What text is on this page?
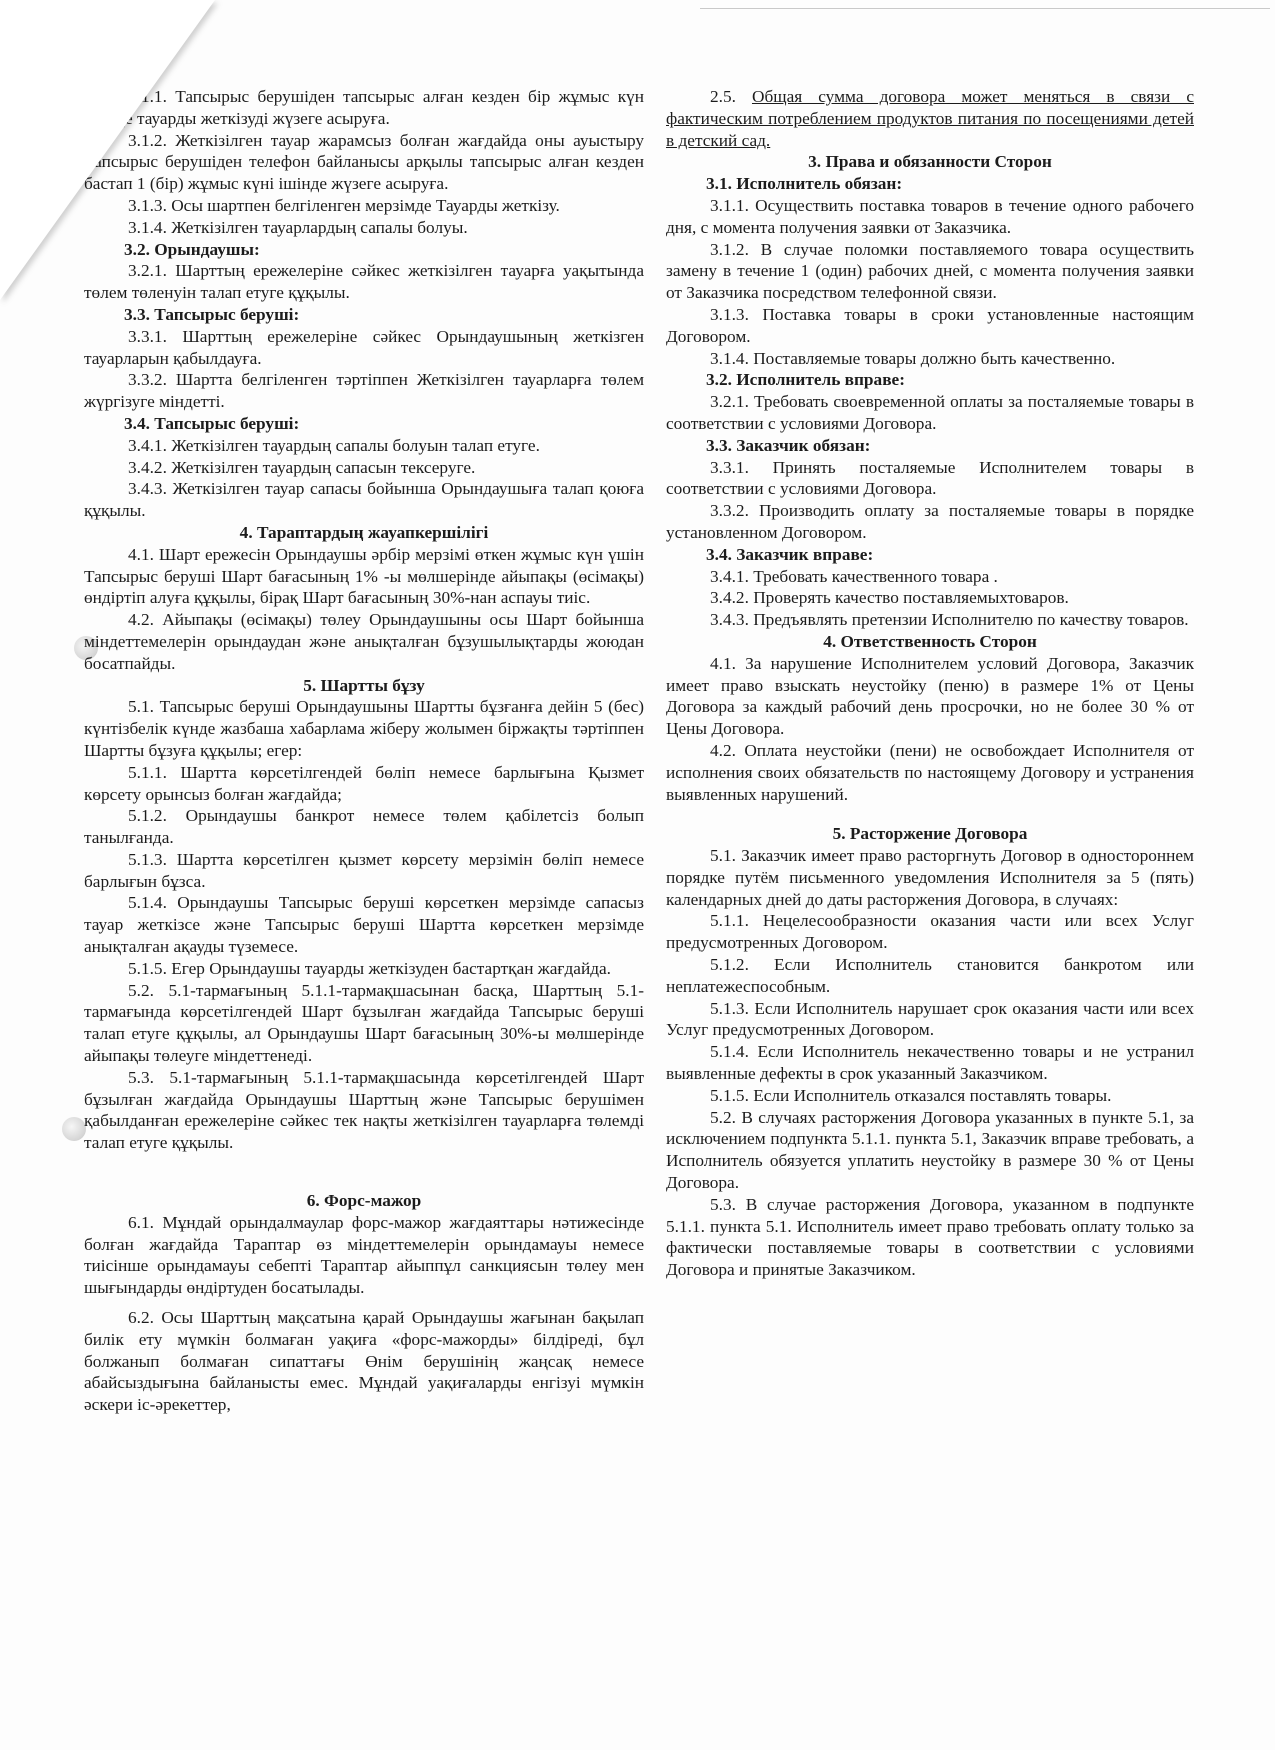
3.1.1. Тапсырыс берушіден тапсырыс алған кезден бір жұмыс күн ішінде тауарды жеткізуді жүзеге асыруға.

3.1.2. Жеткізілген тауар жарамсыз болған жағдайда оны ауыстыру Тапсырыс берушіден телефон байланысы арқылы тапсырыс алған кезден бастап 1 (бір) жұмыс күні ішінде жүзеге асыруға.

3.1.3. Осы шартпен белгіленген мерзімде Тауарды жеткізу.

3.1.4. Жеткізілген тауарлардың сапалы болуы.

3.2. Орындаушы:

3.2.1. Шарттың ережелеріне сәйкес жеткізілген тауарға уақытында төлем төленуін талап етуге құқылы.

3.3. Тапсырыс беруші:

3.3.1. Шарттың ережелеріне сәйкес Орындаушының жеткізген тауарларын қабылдауға.

3.3.2. Шартта белгіленген тәртіппен Жеткізілген тауарларға төлем жүргізуге міндетті.

3.4. Тапсырыс беруші:

3.4.1. Жеткізілген тауардың сапалы болуын талап етуге.

3.4.2. Жеткізілген тауардың сапасын тексеруге.

3.4.3. Жеткізілген тауар сапасы бойынша Орындаушыға талап қоюға құқылы.

4. Тараптардың жауапкершілігі

4.1. Шарт ережесін Орындаушы әрбір мерзімі өткен жұмыс күн үшін Тапсырыс беруші Шарт бағасының 1% -ы мөлшерінде айыпақы (өсімақы) өндіртіп алуға құқылы, бірақ Шарт бағасының 30%-нан аспауы тиіс.

4.2. Айыпақы (өсімақы) төлеу Орындаушыны осы Шарт бойынша міндеттемелерін орындаудан және анықталған бұзушылықтарды жоюдан босатпайды.

5. Шартты бұзу

5.1. Тапсырыс беруші Орындаушыны Шартты бұзғанға дейін 5 (бес) күнтізбелік күнде жазбаша хабарлама жіберу жолымен біржақты тәртіппен Шартты бұзуға құқылы; егер:

5.1.1. Шартта көрсетілгендей бөліп немесе барлығына Қызмет көрсету орынсыз болған жағдайда;

5.1.2. Орындаушы банкрот немесе төлем қабілетсіз болып танылғанда.

5.1.3. Шартта көрсетілген қызмет көрсету мерзімін бөліп немесе барлығын бұзса.

5.1.4. Орындаушы Тапсырыс беруші көрсеткен мерзімде сапасыз тауар жеткізсе және Тапсырыс беруші Шартта көрсеткен мерзімде анықталған ақауды түземесе.

5.1.5. Егер Орындаушы тауарды жеткізуден бастартқан жағдайда.

5.2. 5.1-тармағының 5.1.1-тармақшасынан басқа, Шарттың 5.1-тармағында көрсетілгендей Шарт бұзылған жағдайда Тапсырыс беруші талап етуге құқылы, ал Орындаушы Шарт бағасының 30%-ы мөлшерінде айыпақы төлеуге міндеттенеді.

5.3. 5.1-тармағының 5.1.1-тармақшасында көрсетілгендей Шарт бұзылған жағдайда Орындаушы Шарттың және Тапсырыс берушімен қабылданған ережелеріне сәйкес тек нақты жеткізілген тауарларға төлемді талап етуге құқылы.

6. Форс-мажор

6.1. Мұндай орындалмаулар форс-мажор жағдаяттары нәтижесінде болған жағдайда Тараптар өз міндеттемелерін орындамауы немесе тиісінше орындамауы себепті Тараптар айыппұл санкциясын төлеу мен шығындарды өндіртуден босатылады.

6.2. Осы Шарттың мақсатына қарай Орындаушы жағынан бақылап билік ету мүмкін болмаған уақиға «форс-мажорды» білдіреді, бұл болжанып болмаған сипаттағы Өнім берушінің жаңсақ немесе абайсыздығына байланысты емес. Мұндай уақиғаларды енгізуі мүмкін әскери іс-әрекеттер,

2.5. Общая сумма договора может меняться в связи с фактическим потреблением продуктов питания по посещениями детей в детский сад.

3. Права и обязанности Сторон

3.1. Исполнитель обязан:

3.1.1. Осуществить поставка товаров в течение одного рабочего дня, с момента получения заявки от Заказчика.

3.1.2. В случае поломки поставляемого товара осуществить замену в течение 1 (один) рабочих дней, с момента получения заявки от Заказчика посредством телефонной связи.

3.1.3. Поставка товары в сроки установленные настоящим Договором.

3.1.4. Поставляемые товары должно быть качественно.

3.2. Исполнитель вправе:

3.2.1. Требовать своевременной оплаты за посталяемые товары в соответствии с условиями Договора.

3.3. Заказчик обязан:

3.3.1. Принять посталяемые Исполнителем товары в соответствии с условиями Договора.

3.3.2. Производить оплату за посталяемые товары в порядке установленном Договором.

3.4. Заказчик вправе:

3.4.1. Требовать качественного товара .

3.4.2. Проверять качество поставляемыхтоваров.

3.4.3. Предъявлять претензии Исполнителю по качеству товаров.

4. Ответственность Сторон

4.1. За нарушение Исполнителем условий Договора, Заказчик имеет право взыскать неустойку (пеню) в размере 1% от Цены Договора за каждый рабочий день просрочки, но не более 30 % от Цены Договора.

4.2. Оплата неустойки (пени) не освобождает Исполнителя от исполнения своих обязательств по настоящему Договору и устранения выявленных нарушений.

5. Расторжение Договора

5.1. Заказчик имеет право расторгнуть Договор в одностороннем порядке путём письменного уведомления Исполнителя за 5 (пять) календарных дней до даты расторжения Договора, в случаях:

5.1.1. Нецелесообразности оказания части или всех Услуг предусмотренных Договором.

5.1.2. Если Исполнитель становится банкротом или неплатежеспособным.

5.1.3. Если Исполнитель нарушает срок оказания части или всех Услуг предусмотренных Договором.

5.1.4. Если Исполнитель некачественно товары и не устранил выявленные дефекты в срок указанный Заказчиком.

5.1.5. Если Исполнитель отказался поставлять товары.

5.2. В случаях расторжения Договора указанных в пункте 5.1, за исключением подпункта 5.1.1. пункта 5.1, Заказчик вправе требовать, а Исполнитель обязуется уплатить неустойку в размере 30 % от Цены Договора.

5.3. В случае расторжения Договора, указанном в подпункте 5.1.1. пункта 5.1. Исполнитель имеет право требовать оплату только за фактически поставляемые товары в соответствии с условиями Договора и принятые Заказчиком.
